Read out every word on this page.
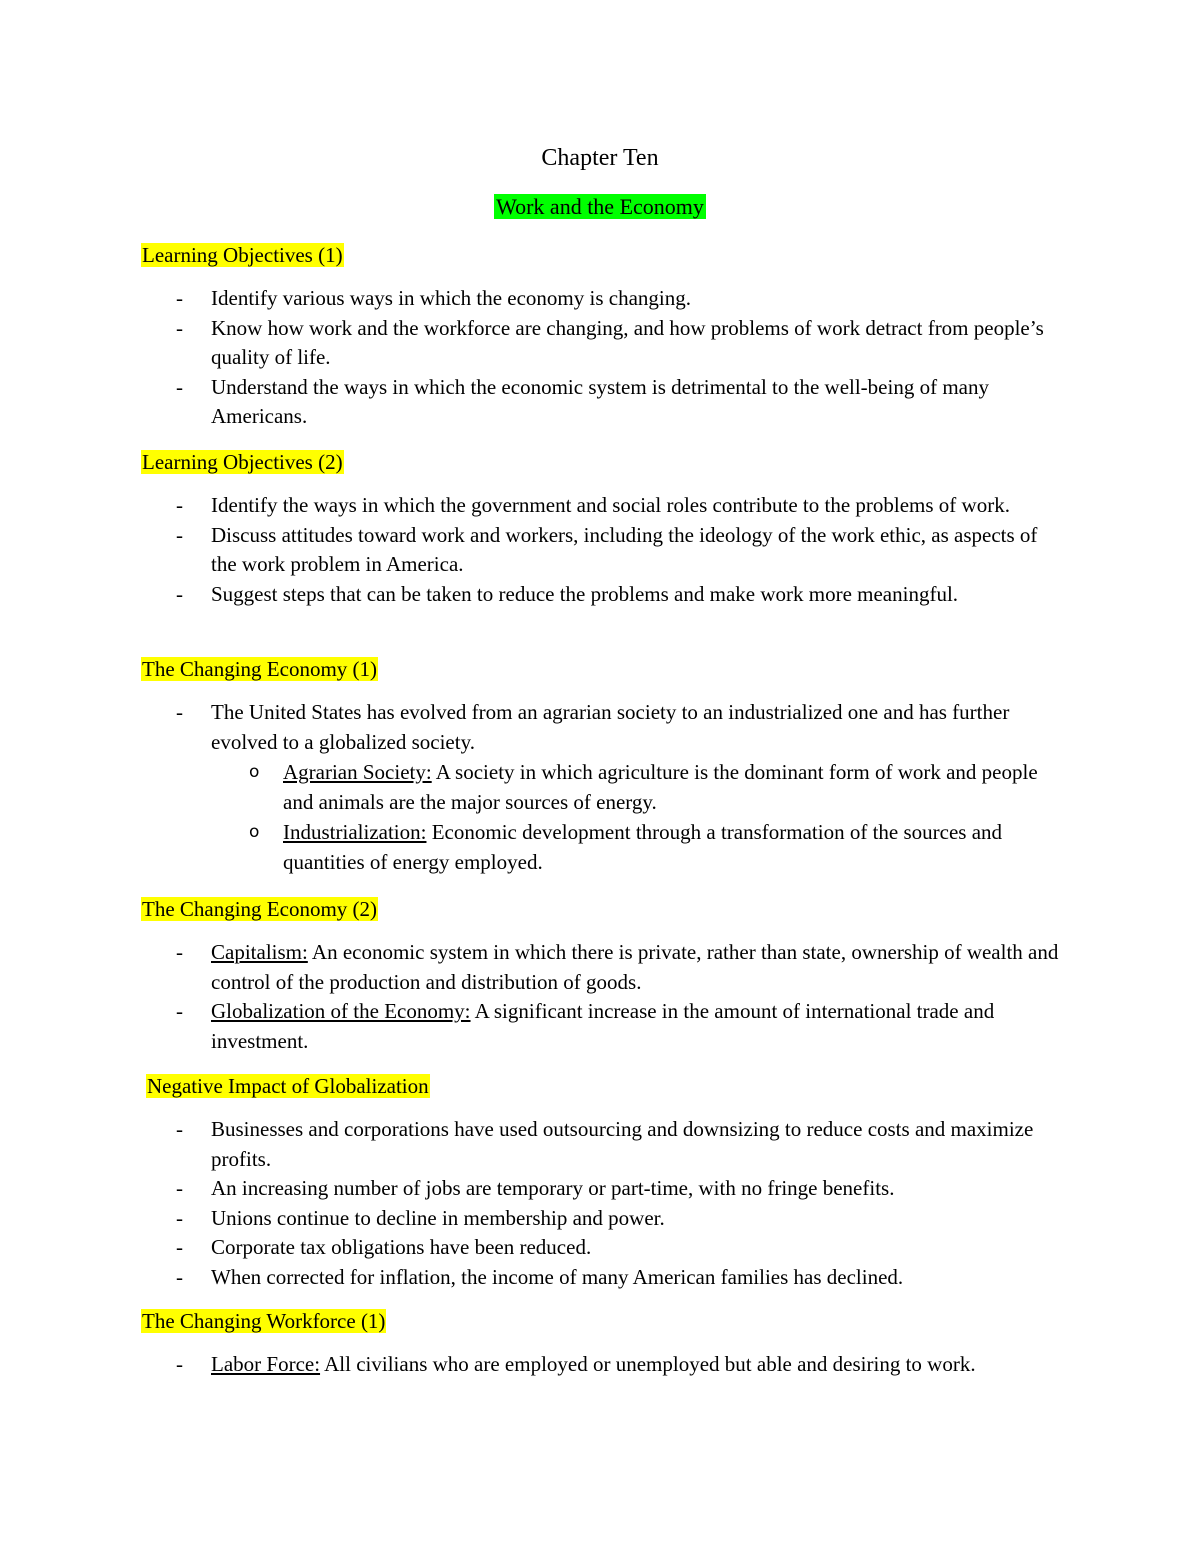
Chapter Ten
Work and the Economy
Learning Objectives (1)
- Identify various ways in which the economy is changing.
- Know how work and the workforce are changing, and how problems of work detract from people’s quality of life.
- Understand the ways in which the economic system is detrimental to the well-being of many Americans.
Learning Objectives (2)
- Identify the ways in which the government and social roles contribute to the problems of work.
- Discuss attitudes toward work and workers, including the ideology of the work ethic, as aspects of the work problem in America.
- Suggest steps that can be taken to reduce the problems and make work more meaningful.
The Changing Economy (1)
- The United States has evolved from an agrarian society to an industrialized one and has further evolved to a globalized society.
o Agrarian Society: A society in which agriculture is the dominant form of work and people and animals are the major sources of energy.
o Industrialization: Economic development through a transformation of the sources and quantities of energy employed.
The Changing Economy (2)
- Capitalism: An economic system in which there is private, rather than state, ownership of wealth and control of the production and distribution of goods.
- Globalization of the Economy: A significant increase in the amount of international trade and investment.
Negative Impact of Globalization
- Businesses and corporations have used outsourcing and downsizing to reduce costs and maximize profits.
- An increasing number of jobs are temporary or part-time, with no fringe benefits.
- Unions continue to decline in membership and power.
- Corporate tax obligations have been reduced.
- When corrected for inflation, the income of many American families has declined.
The Changing Workforce (1)
- Labor Force: All civilians who are employed or unemployed but able and desiring to work.
